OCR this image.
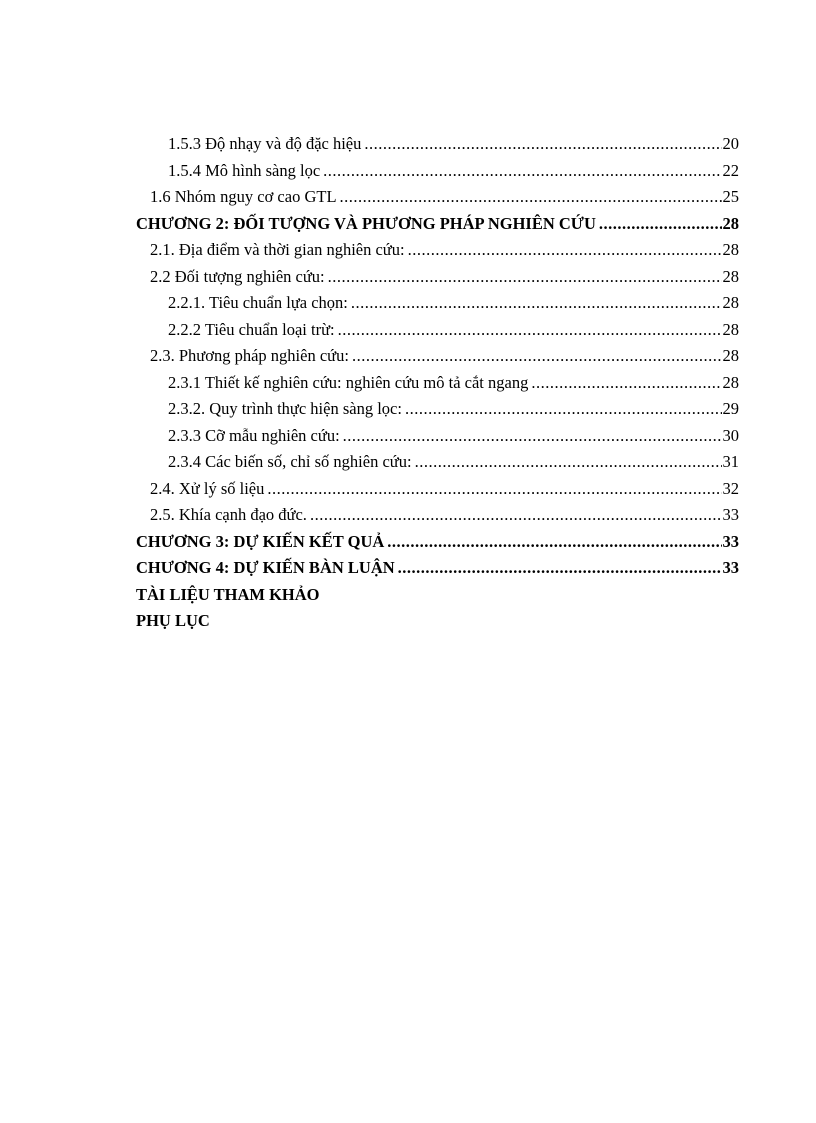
1.5.3 Độ nhạy và độ đặc hiệu .....	20
1.5.4 Mô hình sàng lọc .....	22
1.6 Nhóm nguy cơ cao GTL .....	25
CHƯƠNG 2: ĐỐI TƯỢNG VÀ PHƯƠNG PHÁP NGHIÊN CỨU .....	28
2.1. Địa điểm và thời gian nghiên cứu: .....	28
2.2 Đối tượng nghiên cứu: .....	28
2.2.1. Tiêu chuẩn lựa chọn: .....	28
2.2.2 Tiêu chuẩn loại trừ: .....	28
2.3. Phương pháp nghiên cứu: .....	28
2.3.1 Thiết kế nghiên cứu: nghiên cứu mô tả cắt ngang .....	28
2.3.2. Quy trình thực hiện sàng lọc: .....	29
2.3.3 Cỡ mẫu nghiên cứu: .....	30
2.3.4 Các biến số, chỉ số nghiên cứu: .....	31
2.4. Xử lý số liệu .....	32
2.5. Khía cạnh đạo đức. .....	33
CHƯƠNG 3: DỰ KIẾN KẾT QUẢ .....	33
CHƯƠNG 4: DỰ KIẾN BÀN LUẬN .....	33
TÀI LIỆU THAM KHẢO
PHỤ LỤC
